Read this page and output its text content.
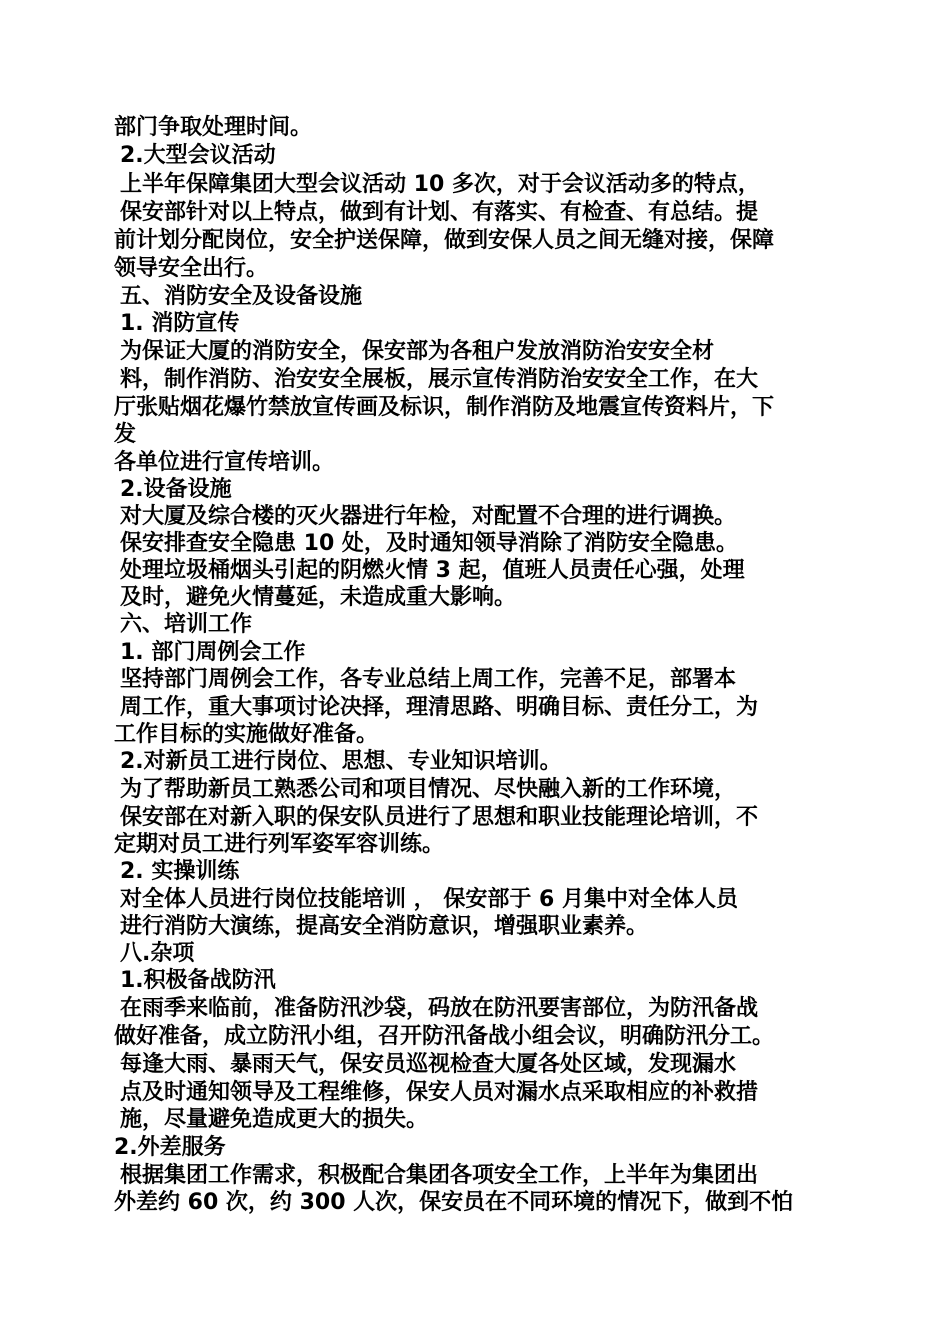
部门争取处理时间。
2.大型会议活动
上半年保障集团大型会议活动 10 多次，对于会议活动多的特点，
保安部针对以上特点，做到有计划、有落实、有检查、有总结。提
前计划分配岗位，安全护送保障，做到安保人员之间无缝对接，保障
领导安全出行。
五、消防安全及设备设施
1. 消防宣传
为保证大厦的消防安全，保安部为各租户发放消防治安安全材
料，制作消防、治安安全展板，展示宣传消防治安安全工作，在大
厅张贴烟花爆竹禁放宣传画及标识，制作消防及地震宣传资料片，下
发
各单位进行宣传培训。
2.设备设施
对大厦及综合楼的灭火器进行年检，对配置不合理的进行调换。
保安排查安全隐患 10 处，及时通知领导消除了消防安全隐患。
处理垃圾桶烟头引起的阴燃火情 3 起，值班人员责任心强，处理
及时，避免火情蔓延，未造成重大影响。
六、培训工作
1. 部门周例会工作
坚持部门周例会工作，各专业总结上周工作，完善不足，部署本
周工作，重大事项讨论决择，理清思路、明确目标、责任分工，为
工作目标的实施做好准备。
2.对新员工进行岗位、思想、专业知识培训。
为了帮助新员工熟悉公司和项目情况、尽快融入新的工作环境，
保安部在对新入职的保安队员进行了思想和职业技能理论培训，不
定期对员工进行列军姿军容训练。
2. 实操训练
对全体人员进行岗位技能培训 ， 保安部于 6 月集中对全体人员
进行消防大演练，提高安全消防意识，增强职业素养。
八.杂项
1.积极备战防汛
在雨季来临前，准备防汛沙袋，码放在防汛要害部位，为防汛备战
做好准备，成立防汛小组，召开防汛备战小组会议，明确防汛分工。
每逢大雨、暴雨天气，保安员巡视检查大厦各处区域，发现漏水
点及时通知领导及工程维修，保安人员对漏水点采取相应的补救措
施，尽量避免造成更大的损失。
2.外差服务
根据集团工作需求，积极配合集团各项安全工作，上半年为集团出
外差约 60 次，约 300 人次，保安员在不同环境的情况下，做到不怕
